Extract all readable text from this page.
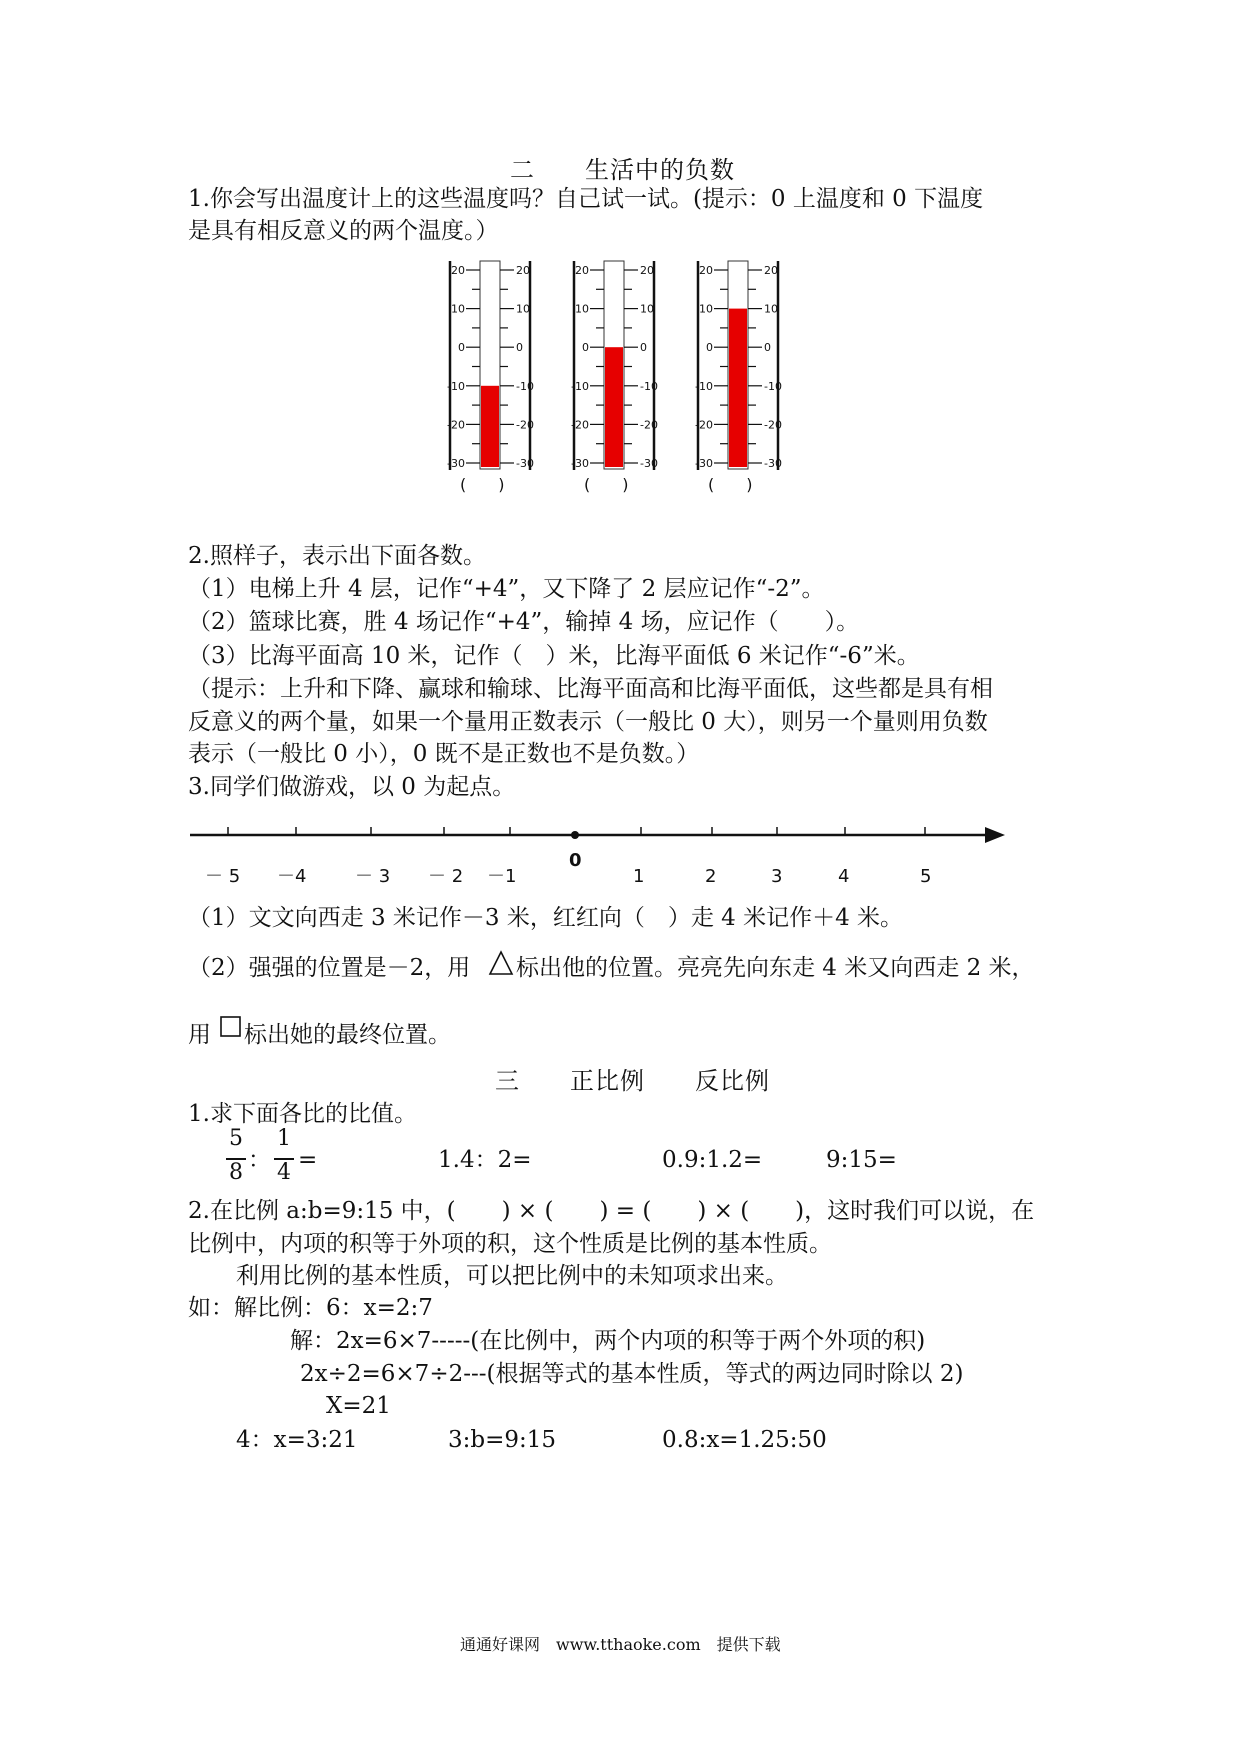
二　　生活中的负数
1.你会写出温度计上的这些温度吗？自己试一试。(提示：0 上温度和 0 下温度
是具有相反意义的两个温度。）
20	20
10	10
0	0
-10	-10
-20	-20
-30	-30
(　　)
20	20
10	10
0	0
-10	-10
-20	-20
-30	-30
(　　)
20	20
10	10
0	0
-10	-10
-20	-20
-30	-30
(　　)
2.照样子，表示出下面各数。
（1）电梯上升 4 层，记作“+4”，又下降了 2 层应记作“-2”。
（2）篮球比赛，胜 4 场记作“+4”，输掉 4 场，应记作（　　）。
（3）比海平面高 10 米，记作（　）米，比海平面低 6 米记作“-6”米。
（提示：上升和下降、赢球和输球、比海平面高和比海平面低，这些都是具有相
反意义的两个量，如果一个量用正数表示（一般比 0 大），则另一个量则用负数
表示（一般比 0 小），0 既不是正数也不是负数。）
3.同学们做游戏，以 0 为起点。
0
－ 5 －4	－ 3 － 2 －1	1	2	3	4	5
（1）文文向西走 3 米记作－3 米，红红向（　）走 4 米记作＋4 米。
（2）强强的位置是－2，用 标出他的位置。亮亮先向东走 4 米又向西走 2 米，
用 标出她的最终位置。
三　　正比例　　反比例
1.求下面各比的比值。
5
8 ：
1
4 =	1.4：2=	0.9:1.2=	9:15=
2.在比例 a:b=9:15 中，(　　) × (　　) = (　　) × (　　)，这时我们可以说，在
比例中，内项的积等于外项的积，这个性质是比例的基本性质。
利用比例的基本性质，可以把比例中的未知项求出来。
如：解比例：6：x=2:7
解：2x=6×7-----(在比例中，两个内项的积等于两个外项的积)
2x÷2=6×7÷2---(根据等式的基本性质，等式的两边同时除以 2)
X=21
4：x=3:21	3:b=9:15	0.8:x=1.25:50
通通好课网　www.tthaoke.com　提供下载
